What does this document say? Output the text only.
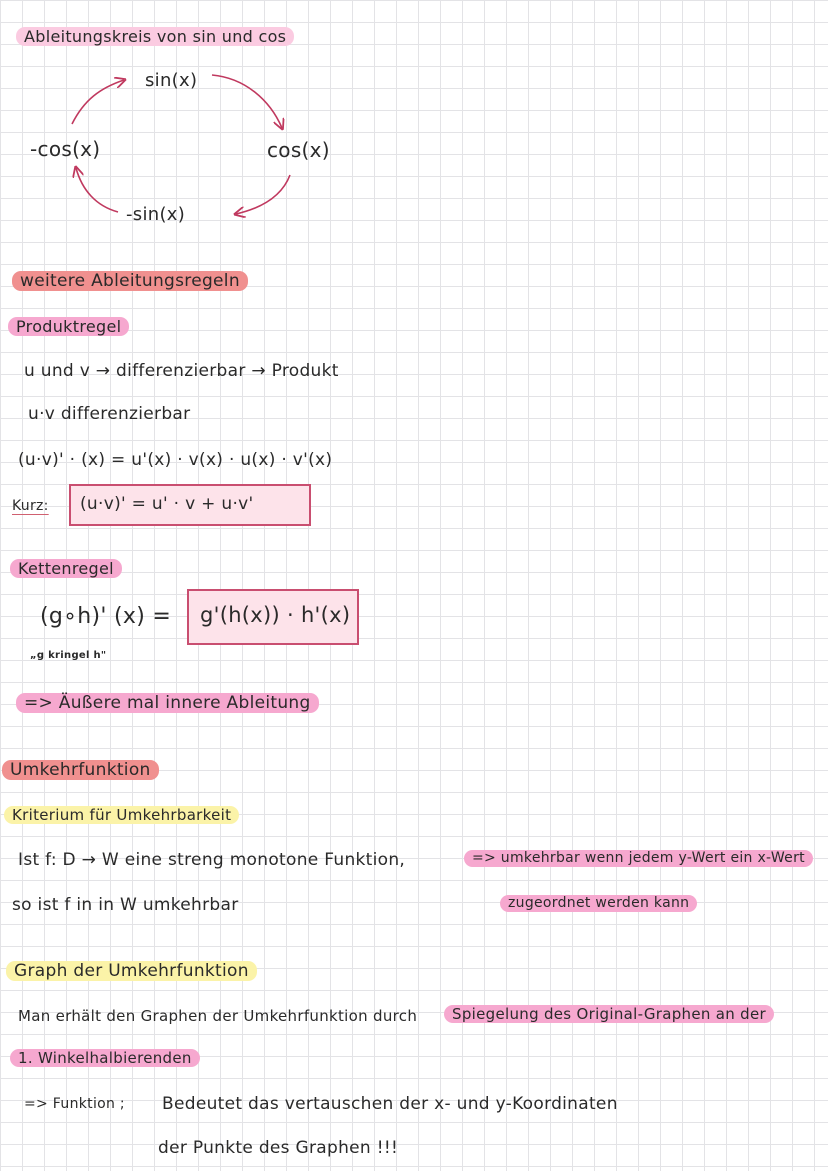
Ableitungskreis von sin und cos
sin(x)
cos(x)
-sin(x)
-cos(x)
weitere Ableitungsregeln
Produktregel
u und v → differenzierbar → Produkt
u·v differenzierbar
(u·v)' · (x) = u'(x) · v(x) · u(x) · v'(x)
Kurz: (u·v)' = u' · v + u·v'
Kettenregel
(g∘h)' (x) = g'(h(x)) · h'(x)
„g kringel h"
=> Äußere mal innere Ableitung
Umkehrfunktion
Kriterium für Umkehrbarkeit
Ist f: D → W eine streng monotone Funktion,
so ist f in in W umkehrbar
=> umkehrbar wenn jedem y-Wert ein x-Wert
zugeordnet werden kann
Graph der Umkehrfunktion
Man erhält den Graphen der Umkehrfunktion durch	Spiegelung des Original-Graphen an der
1. Winkelhalbierenden
=> Funktion ; Bedeutet das vertauschen der x- und y-Koordinaten
der Punkte des Graphen !!!
